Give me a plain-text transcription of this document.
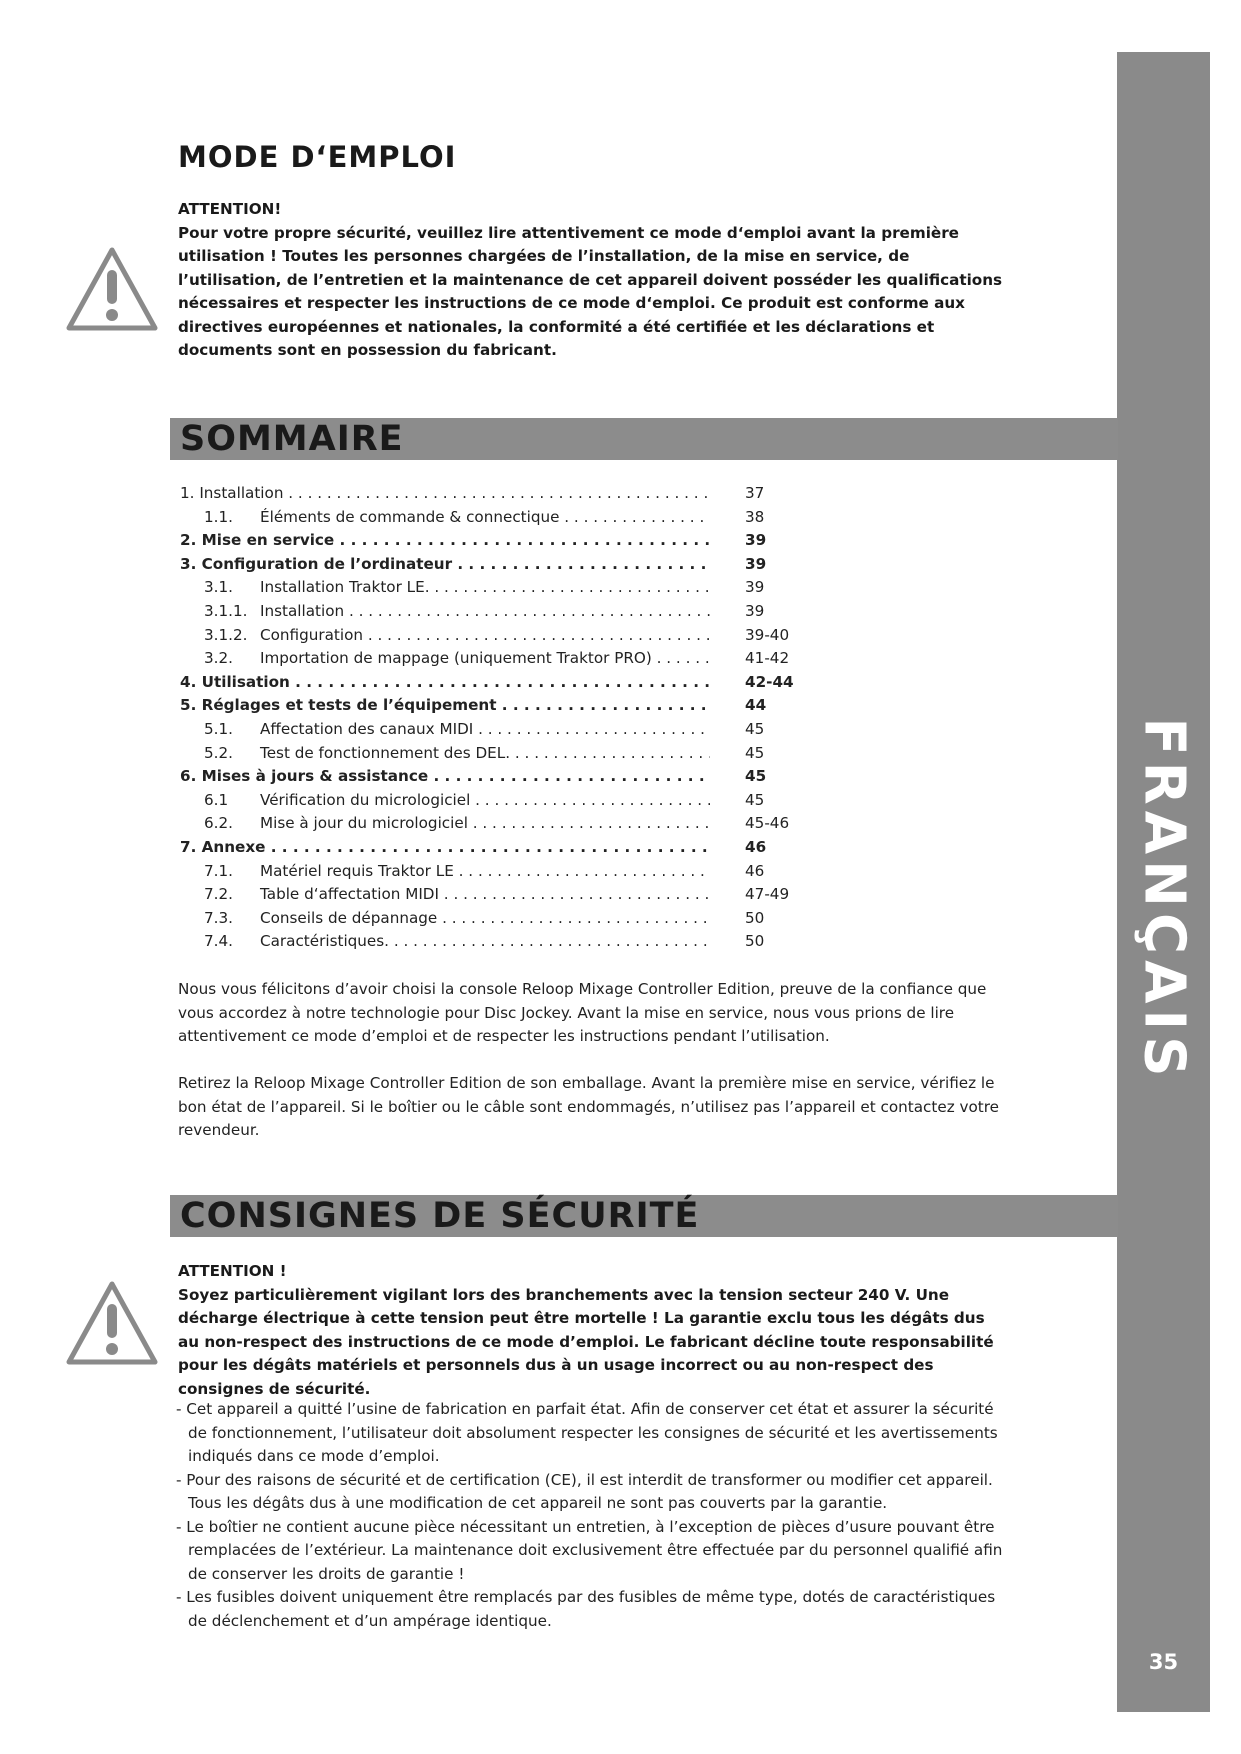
FRANÇAIS
35
MODE D‘EMPLOI
ATTENTION!
Pour votre propre sécurité, veuillez lire attentivement ce mode d‘emploi avant la première utilisation ! Toutes les personnes chargées de l’installation, de la mise en service, de l’utilisation, de l’entretien et la maintenance de cet appareil doivent posséder les qualifications nécessaires et respecter les instructions de ce mode d‘emploi. Ce produit est conforme aux directives européennes et nationales, la conformité a été certifiée et les déclarations et documents sont en possession du fabricant.
SOMMAIRE
1. Installation . . .	37
1.1. Éléments de commande & connectique . . .	38
2. Mise en service . . .	39
3. Configuration de l’ordinateur . . .	39
3.1. Installation Traktor LE. . . .	39
3.1.1. Installation . . .	39
3.1.2. Configuration . . .	39-40
3.2. Importation de mappage (uniquement Traktor PRO) . . .	41-42
4. Utilisation . . .	42-44
5. Réglages et tests de l’équipement . . .	44
5.1. Affectation des canaux MIDI . . .	45
5.2. Test de fonctionnement des DEL. . . .	45
6. Mises à jours & assistance . . .	45
6.1 Vérification du micrologiciel . . .	45
6.2. Mise à jour du micrologiciel . . .	45-46
7. Annexe . . .	46
7.1. Matériel requis Traktor LE . . .	46
7.2. Table d‘affectation MIDI . . .	47-49
7.3. Conseils de dépannage . . .	50
7.4. Caractéristiques. . . .	50
Nous vous félicitons d’avoir choisi la console Reloop Mixage Controller Edition, preuve de la confiance que vous accordez à notre technologie pour Disc Jockey. Avant la mise en service, nous vous prions de lire attentivement ce mode d’emploi et de respecter les instructions pendant l’utilisation.
Retirez la Reloop Mixage Controller Edition de son emballage. Avant la première mise en service, vérifiez le bon état de l’appareil. Si le boîtier ou le câble sont endommagés, n’utilisez pas l’appareil et contactez votre revendeur.
CONSIGNES DE SÉCURITÉ
ATTENTION !
Soyez particulièrement vigilant lors des branchements avec la tension secteur 240 V. Une décharge électrique à cette tension peut être mortelle ! La garantie exclu tous les dégâts dus au non-respect des instructions de ce mode d’emploi. Le fabricant décline toute responsabilité pour les dégâts matériels et personnels dus à un usage incorrect ou au non-respect des consignes de sécurité.
- Cet appareil a quitté l’usine de fabrication en parfait état. Afin de conserver cet état et assurer la sécurité de fonctionnement, l’utilisateur doit absolument respecter les consignes de sécurité et les avertissements indiqués dans ce mode d’emploi.
- Pour des raisons de sécurité et de certification (CE), il est interdit de transformer ou modifier cet appareil. Tous les dégâts dus à une modification de cet appareil ne sont pas couverts par la garantie.
- Le boîtier ne contient aucune pièce nécessitant un entretien, à l’exception de pièces d’usure pouvant être remplacées de l’extérieur. La maintenance doit exclusivement être effectuée par du personnel qualifié afin de conserver les droits de garantie !
- Les fusibles doivent uniquement être remplacés par des fusibles de même type, dotés de caractéristiques de déclenchement et d’un ampérage identique.
